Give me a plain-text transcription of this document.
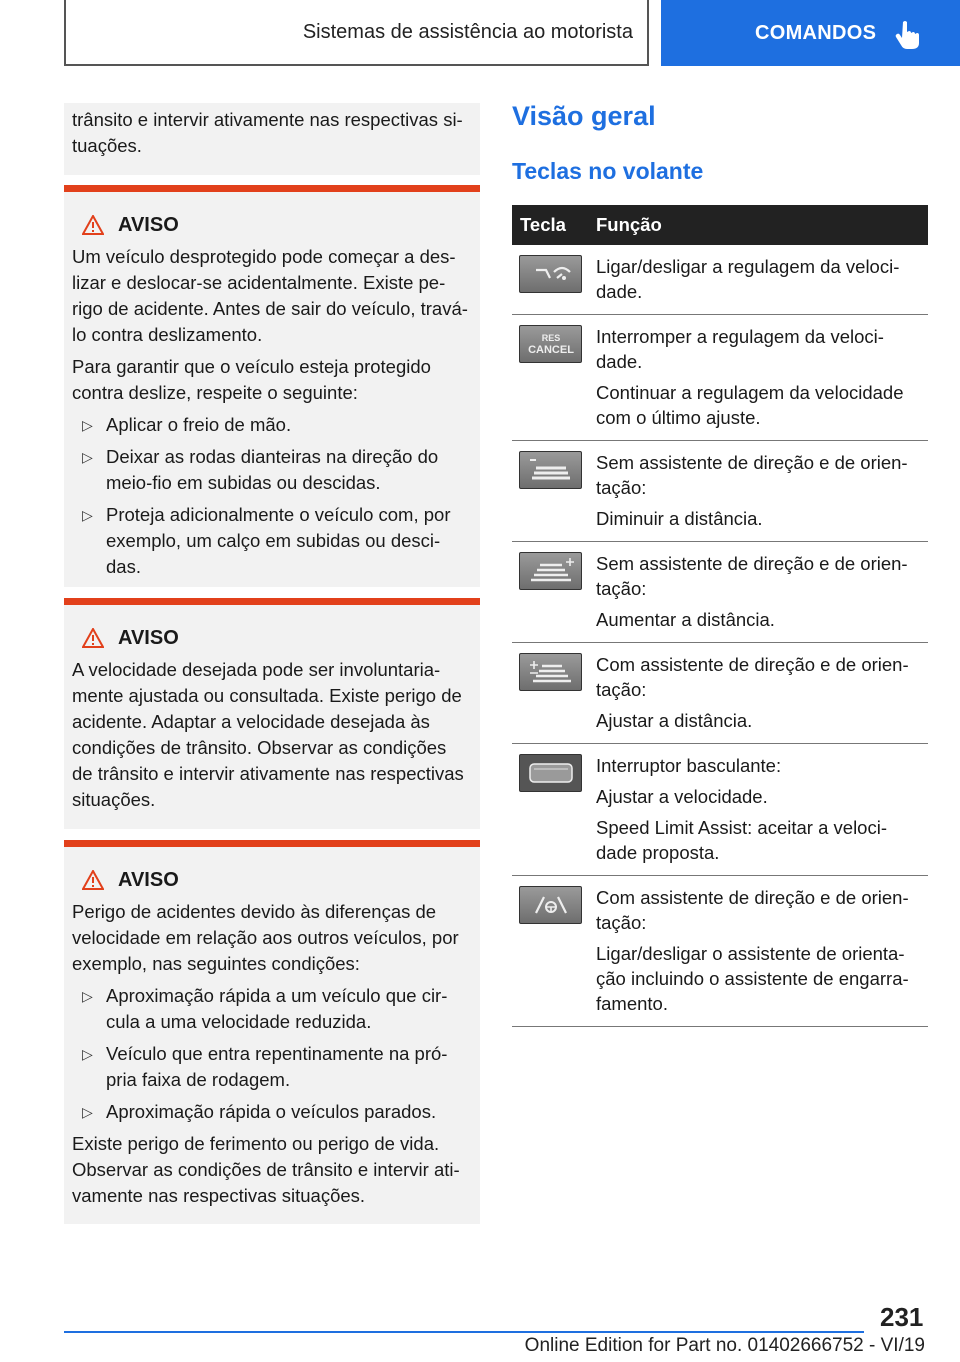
Sistemas de assistência ao motorista	COMANDOS

trânsito e intervir ativamente nas respectivas si-tuações.

AVISO

Um veículo desprotegido pode começar a des-lizar e deslocar-se acidentalmente. Existe pe-rigo de acidente. Antes de sair do veículo, travá-lo contra deslizamento.

Para garantir que o veículo esteja protegido contra deslize, respeite o seguinte:

▷ Aplicar o freio de mão.
▷ Deixar as rodas dianteiras na direção do meio-fio em subidas ou descidas.
▷ Proteja adicionalmente o veículo com, por exemplo, um calço em subidas ou desci-das.
AVISO

A velocidade desejada pode ser involuntaria-mente ajustada ou consultada. Existe perigo de acidente. Adaptar a velocidade desejada às condições de trânsito. Observar as condições de trânsito e intervir ativamente nas respectivas situações.

AVISO

Perigo de acidentes devido às diferenças de velocidade em relação aos outros veículos, por exemplo, nas seguintes condições:

▷ Aproximação rápida a um veículo que cir-cula a uma velocidade reduzida.
▷ Veículo que entra repentinamente na pró-pria faixa de rodagem.
▷ Aproximação rápida o veículos parados.

Existe perigo de ferimento ou perigo de vida. Observar as condições de trânsito e intervir ati-vamente nas respectivas situações.

Visão geral
Teclas no volante
Tecla	Função

Ligar/desligar a regulagem da veloci-dade.

RES
CANCEL

Interromper a regulagem da veloci-dade.

Continuar a regulagem da velocidade com o último ajuste.

Sem assistente de direção e de orien-tação:

Diminuir a distância.

Sem assistente de direção e de orien-tação:

Aumentar a distância.

Com assistente de direção e de orien-tação:

Ajustar a distância.

Interruptor basculante:

Ajustar a velocidade.

Speed Limit Assist: aceitar a veloci-dade proposta.

Com assistente de direção e de orien-tação:

Ligar/desligar o assistente de orienta-ção incluindo o assistente de engarra-famento.

231
Online Edition for Part no. 01402666752 - VI/19
